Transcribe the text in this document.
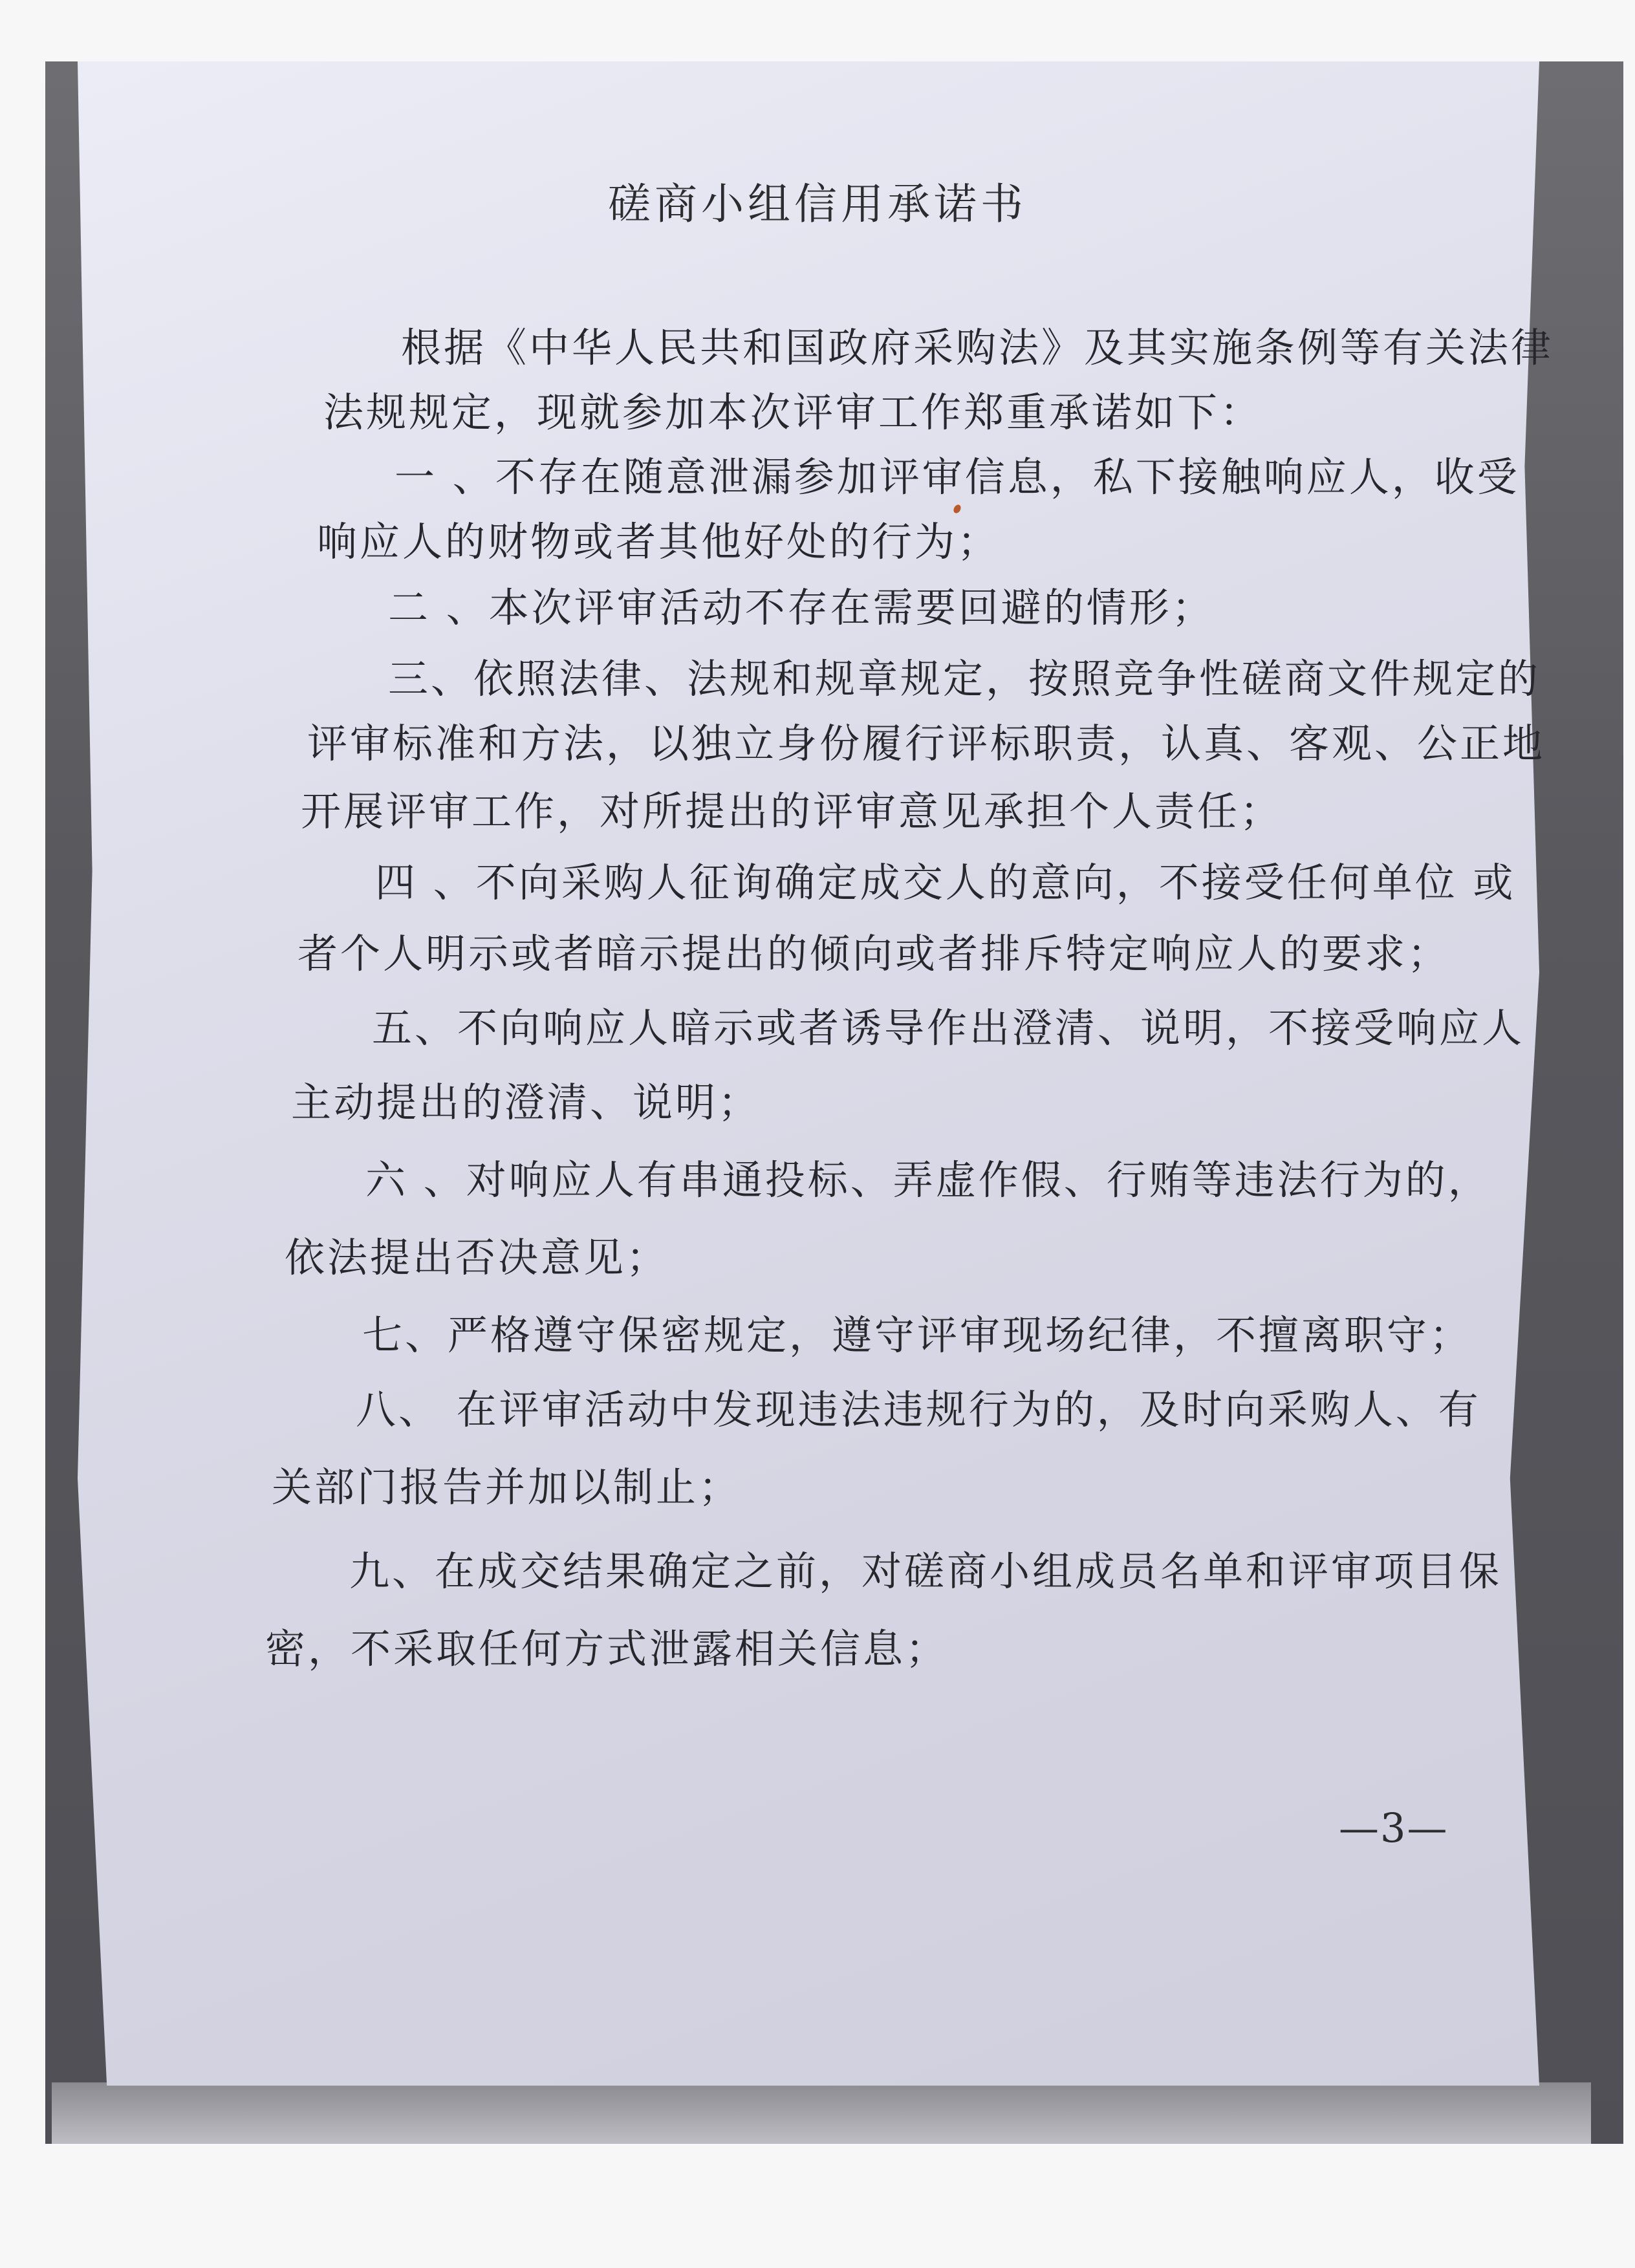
磋商小组信用承诺书
根据《中华人民共和国政府采购法》及其实施条例等有关法律
法规规定，现就参加本次评审工作郑重承诺如下：
一 、不存在随意泄漏参加评审信息，私下接触响应人，收受
响应人的财物或者其他好处的行为；
二 、本次评审活动不存在需要回避的情形；
三、依照法律、法规和规章规定，按照竞争性磋商文件规定的
评审标准和方法，以独立身份履行评标职责，认真、客观、公正地
开展评审工作，对所提出的评审意见承担个人责任；
四 、不向采购人征询确定成交人的意向，不接受任何单位 或
者个人明示或者暗示提出的倾向或者排斥特定响应人的要求；
五、不向响应人暗示或者诱导作出澄清、说明，不接受响应人
主动提出的澄清、说明；
六 、对响应人有串通投标、弄虚作假、行贿等违法行为的，
依法提出否决意见；
七、严格遵守保密规定，遵守评审现场纪律，不擅离职守；
八、 在评审活动中发现违法违规行为的，及时向采购人、有
关部门报告并加以制止；
九、在成交结果确定之前，对磋商小组成员名单和评审项目保
密，不采取任何方式泄露相关信息；
—3—
